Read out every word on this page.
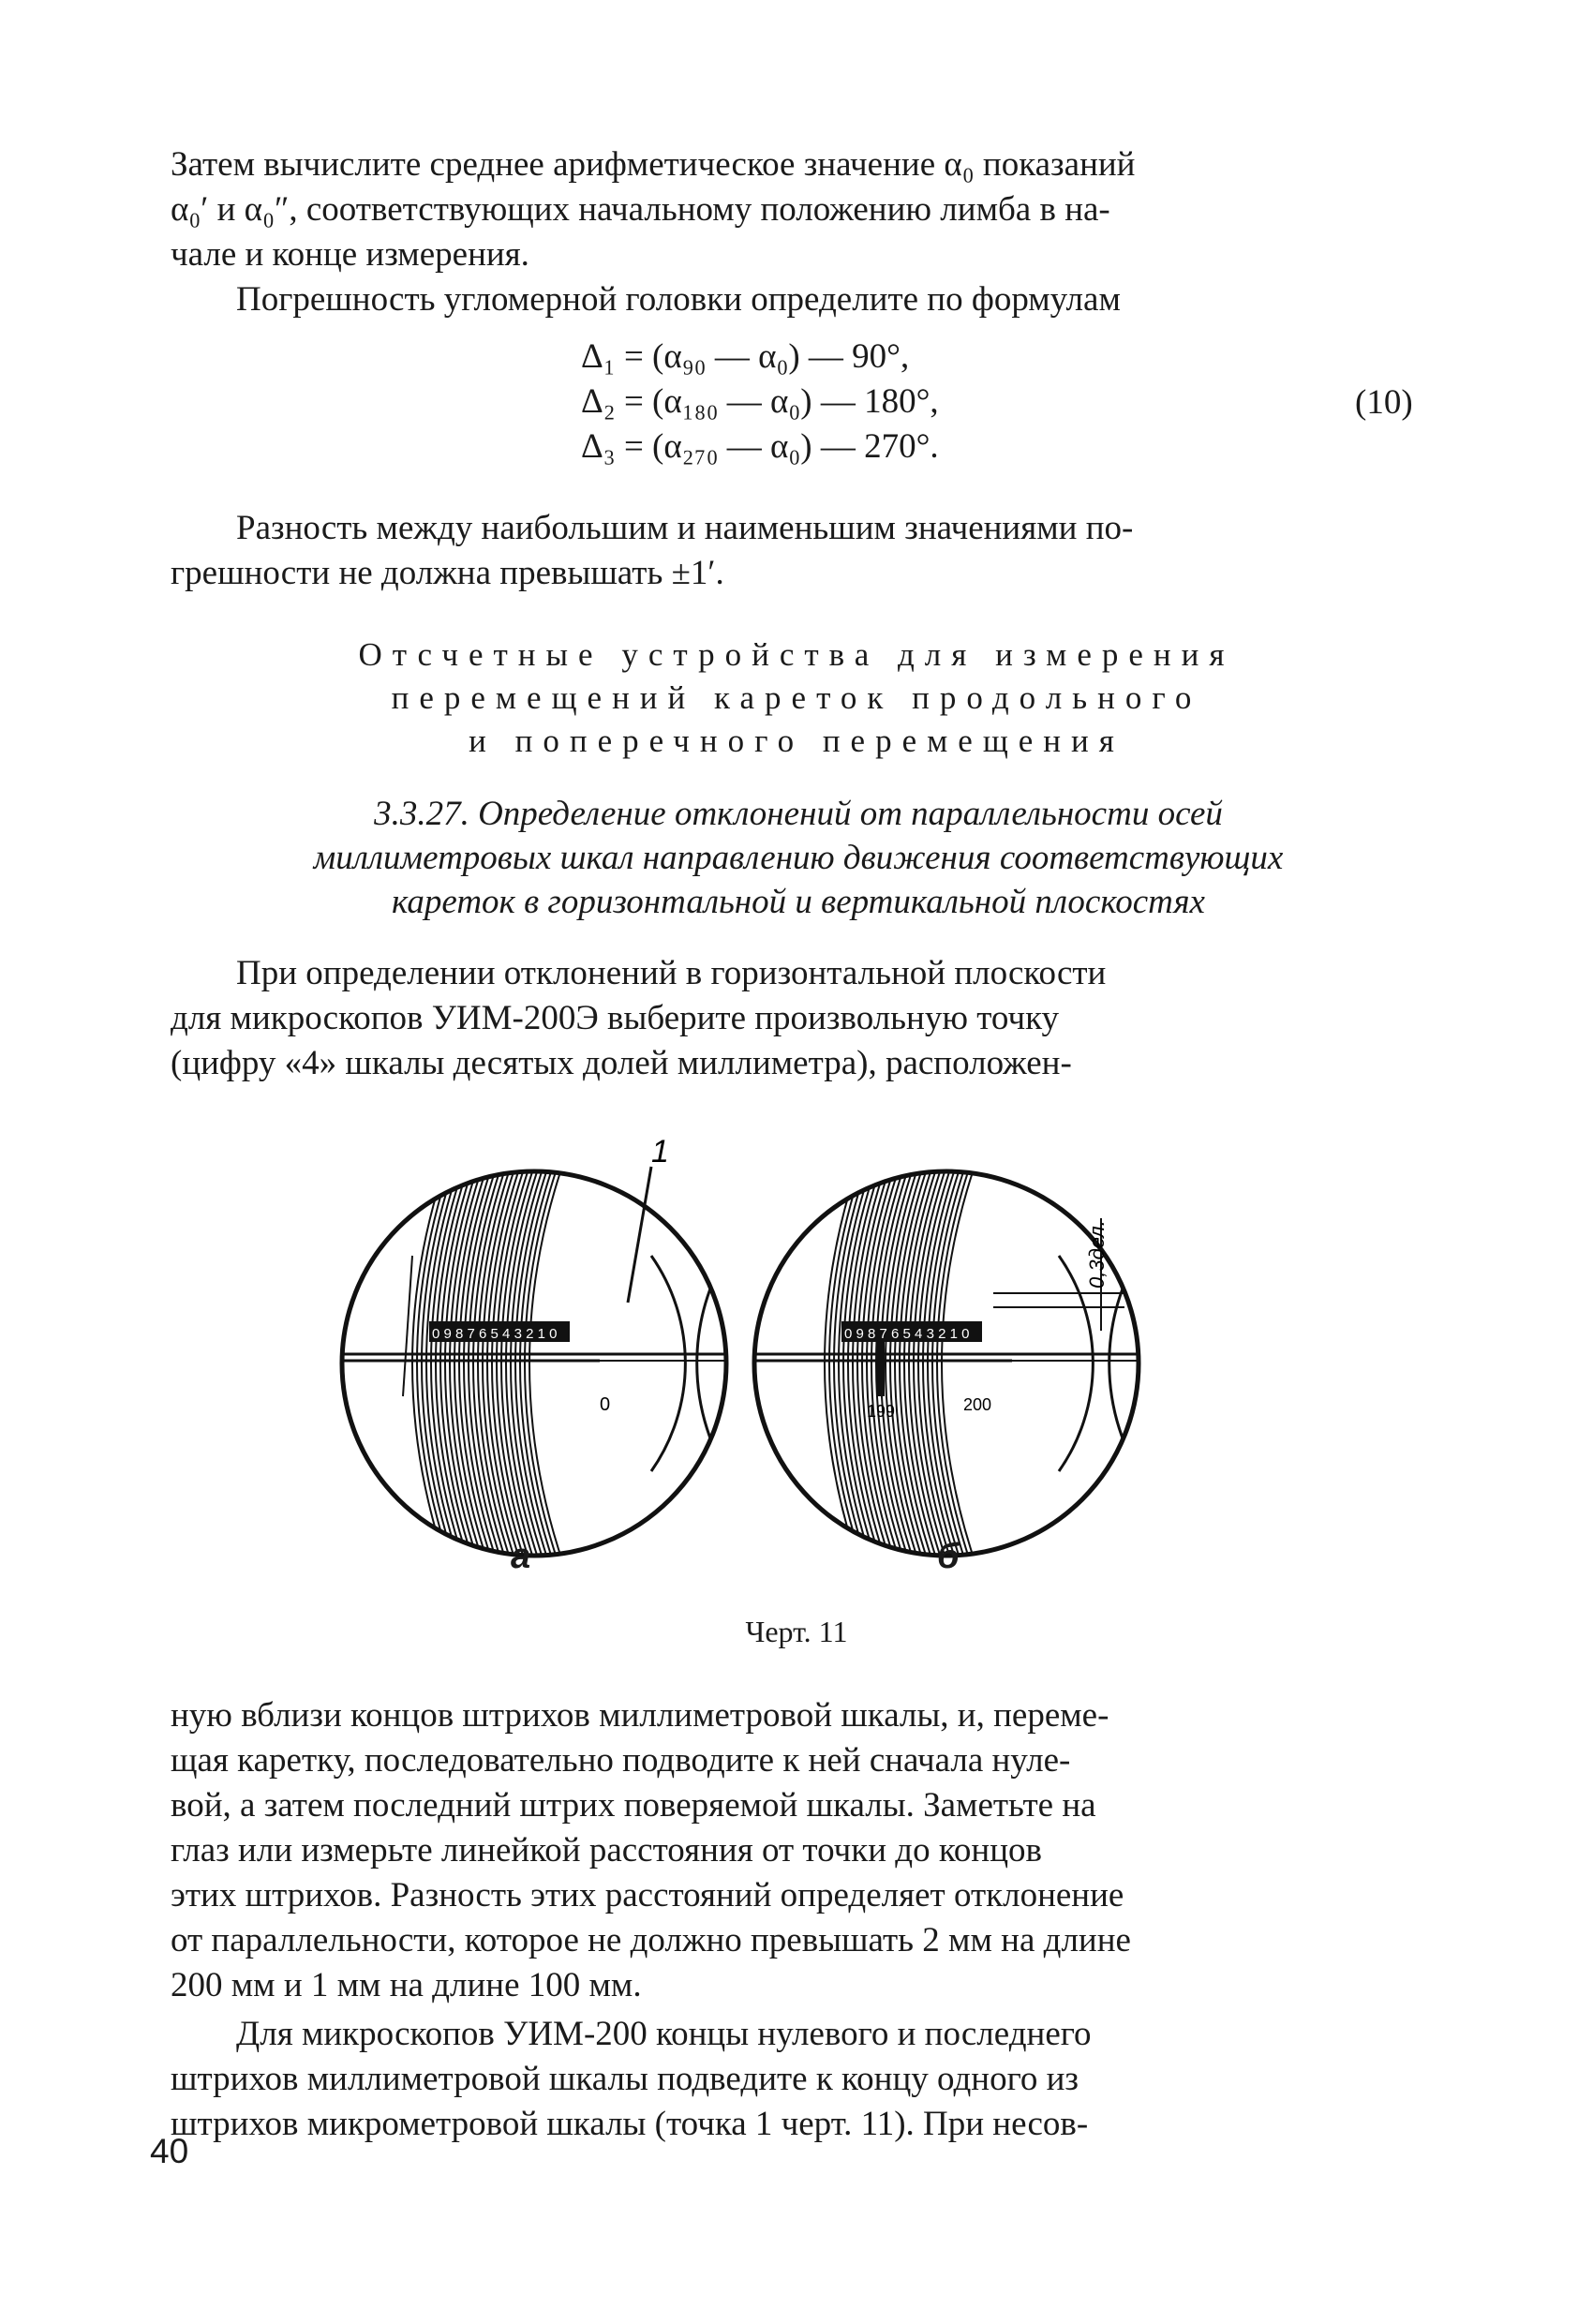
Затем вычислите среднее арифметическое значение α₀ показаний
α₀′ и α₀″, соответствующих начальному положению лимба в на-
чале и конце измерения.
Погрешность угломерной головки определите по формулам
Δ₁ = (α₉₀ — α₀) — 90°,
Δ₂ = (α₁₈₀ — α₀) — 180°,
Δ₃ = (α₂₇₀ — α₀) — 270°.
(10)
Разность между наибольшим и наименьшим значениями по-
грешности не должна превышать ±1′.
Отсчетные устройства для измерения
перемещений кареток продольного
и поперечного перемещения
3.3.27. Определение отклонений от параллельности осей
миллиметровых шкал направлению движения соответствующих
кареток в горизонтальной и вертикальной плоскостях
При определении отклонений в горизонтальной плоскости
для микроскопов УИМ-200Э выберите произвольную точку
(цифру «4» шкалы десятых долей миллиметра), расположен-
0 9 8 7 6 5 4 3 2 1 0
1
0
0 9 8 7 6 5 4 3 2 1 0
199	200
0,3дел.
а	б
Черт. 11
ную вблизи концов штрихов миллиметровой шкалы, и, переме-
щая каретку, последовательно подводите к ней сначала нуле-
вой, а затем последний штрих поверяемой шкалы. Заметьте на
глаз или измерьте линейкой расстояния от точки до концов
этих штрихов. Разность этих расстояний определяет отклонение
от параллельности, которое не должно превышать 2 мм на длине
200 мм и 1 мм на длине 100 мм.
Для микроскопов УИМ-200 концы нулевого и последнего
штрихов миллиметровой шкалы подведите к концу одного из
штрихов микрометровой шкалы (точка 1 черт. 11). При несов-
40
